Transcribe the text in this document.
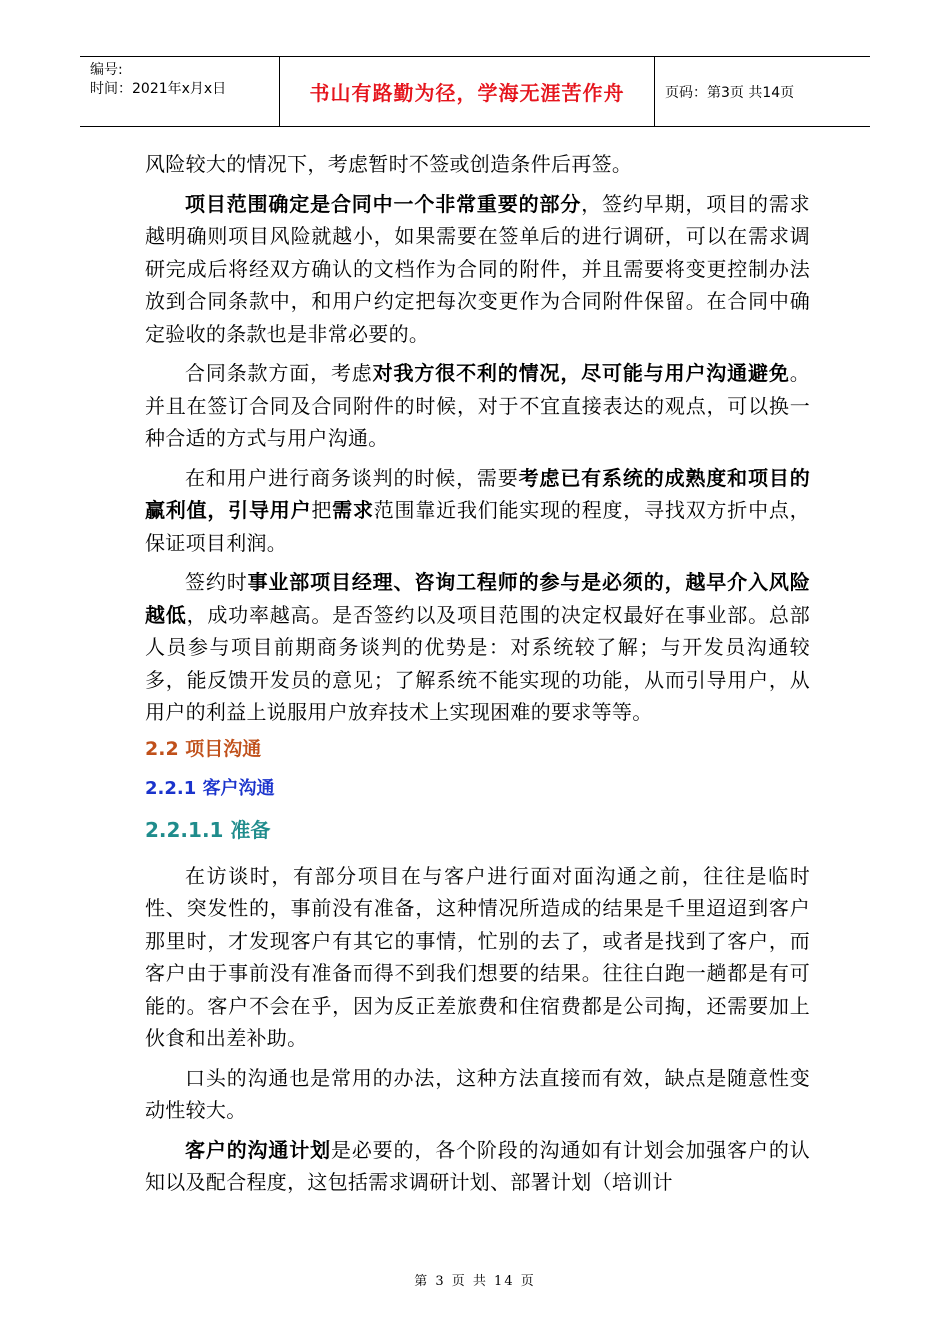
编号:
时间：2021年x月x日	书山有路勤为径，学海无涯苦作舟	页码：第3页 共14页

风险较大的情况下，考虑暂时不签或创造条件后再签。

项目范围确定是合同中一个非常重要的部分，签约早期，项目的需求越明确则项目风险就越小，如果需要在签单后的进行调研，可以在需求调研完成后将经双方确认的文档作为合同的附件，并且需要将变更控制办法放到合同条款中，和用户约定把每次变更作为合同附件保留。在合同中确定验收的条款也是非常必要的。

合同条款方面，考虑对我方很不利的情况，尽可能与用户沟通避免。并且在签订合同及合同附件的时候，对于不宜直接表达的观点，可以换一种合适的方式与用户沟通。

在和用户进行商务谈判的时候，需要考虑已有系统的成熟度和项目的赢利值，引导用户把需求范围靠近我们能实现的程度，寻找双方折中点，保证项目利润。

签约时事业部项目经理、咨询工程师的参与是必须的，越早介入风险越低，成功率越高。是否签约以及项目范围的决定权最好在事业部。总部人员参与项目前期商务谈判的优势是：对系统较了解；与开发员沟通较多，能反馈开发员的意见；了解系统不能实现的功能，从而引导用户，从用户的利益上说服用户放弃技术上实现困难的要求等等。

2.2 项目沟通
2.2.1 客户沟通
2.2.1.1 准备

在访谈时，有部分项目在与客户进行面对面沟通之前，往往是临时性、突发性的，事前没有准备，这种情况所造成的结果是千里迢迢到客户那里时，才发现客户有其它的事情，忙别的去了，或者是找到了客户，而客户由于事前没有准备而得不到我们想要的结果。往往白跑一趟都是有可能的。客户不会在乎，因为反正差旅费和住宿费都是公司掏，还需要加上伙食和出差补助。

口头的沟通也是常用的办法，这种方法直接而有效，缺点是随意性变动性较大。

客户的沟通计划是必要的，各个阶段的沟通如有计划会加强客户的认知以及配合程度，这包括需求调研计划、部署计划（培训计

第 3 页 共 14 页
